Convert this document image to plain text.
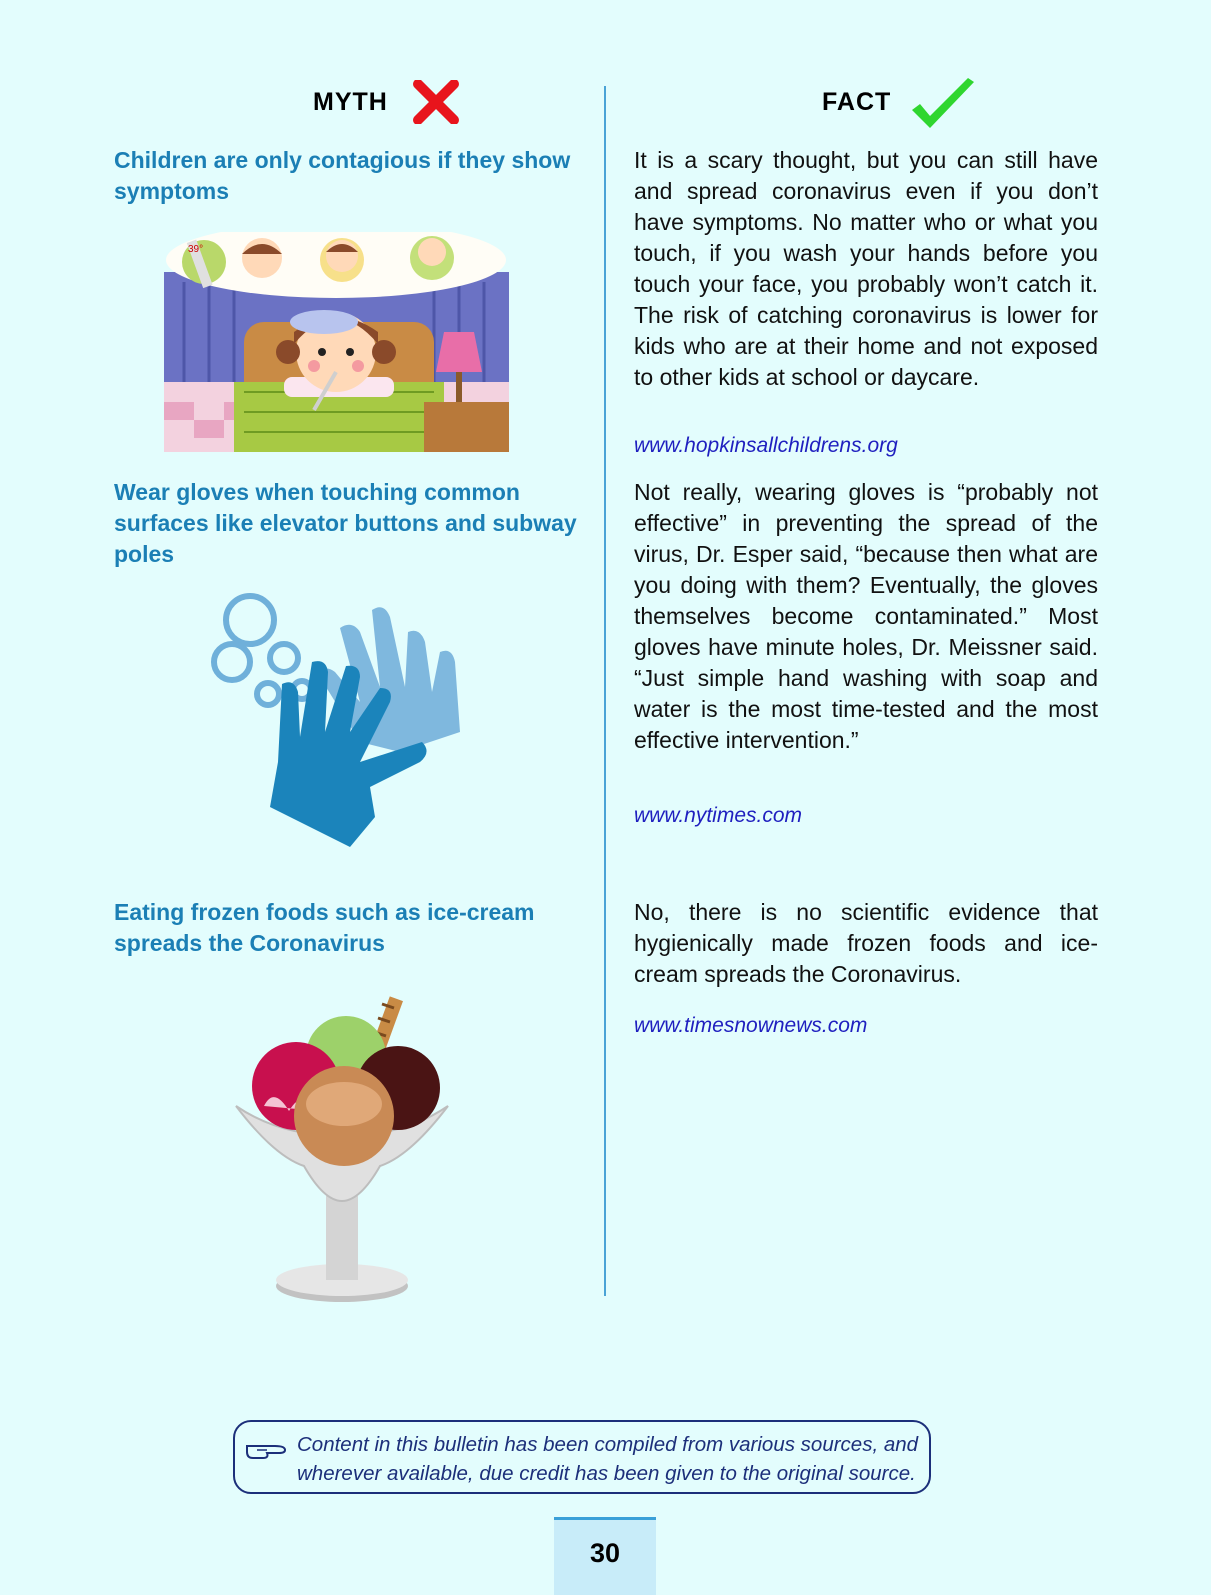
MYTH	FACT
Children are only contagious if they show symptoms
39°
It is a scary thought, but you can still have and spread coronavirus even if you don’t have symptoms. No matter who or what you touch, if you wash your hands before you touch your face, you probably won’t catch it. The risk of catching coronavirus is lower for kids who are at their home and not exposed to other kids at school or daycare.
www.hopkinsallchildrens.org
Wear gloves when touching common surfaces like elevator buttons and subway poles
Not really, wearing gloves is “probably not effective” in preventing the spread of the virus, Dr. Esper said, “because then what are you doing with them? Eventually, the gloves themselves become contaminated.” Most gloves have minute holes, Dr. Meissner said. “Just simple hand washing with soap and water is the most time-tested and the most effective intervention.”
www.nytimes.com
Eating frozen foods such as ice-cream spreads the Coronavirus
No, there is no scientific evidence that hygienically made frozen foods and ice-cream spreads the Coronavirus.
www.timesnownews.com
Content in this bulletin has been compiled from various sources, and wherever available, due credit has been given to the original source.
30
